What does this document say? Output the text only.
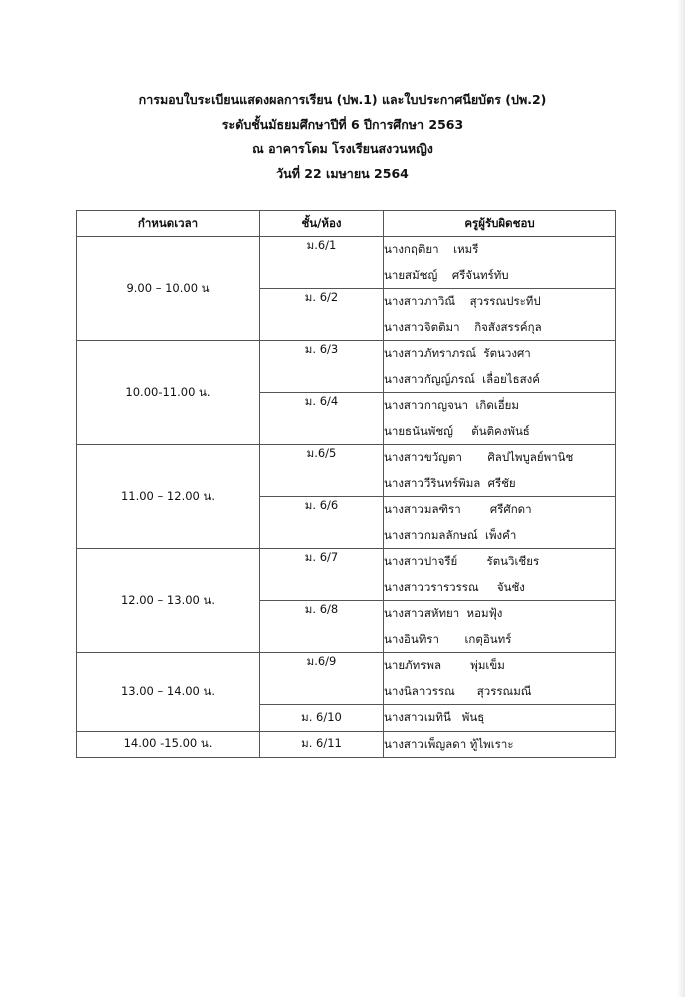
การมอบใบระเบียนแสดงผลการเรียน (ปพ.1) และใบประกาศนียบัตร (ปพ.2)
ระดับชั้นมัธยมศึกษาปีที่ 6 ปีการศึกษา 2563
ณ อาคารโดม โรงเรียนสงวนหญิง
วันที่ 22 เมษายน 2564
กำหนดเวลา	ชั้น/ห้อง	ครูผู้รับผิดชอบ
9.00 – 10.00 น	ม.6/1	นางกฤติยา    เหมรี
นายสมัชญ์    ศรีจันทร์ทับ

	ม. 6/2	นางสาวภาวิณี    สุวรรณประทีป
นางสาวจิตติมา    กิจสังสรรค์กุล

10.00-11.00 น.	ม. 6/3	นางสาวภัทราภรณ์  รัตนวงศา
นางสาวกัญญ์ภรณ์  เลื่อยไธสงค์

	ม. 6/4	นางสาวกาญจนา  เกิดเอี่ยม
นายธนันพัชญ์     ต้นติคงพันธ์

11.00 – 12.00 น.	ม.6/5	นางสาวขวัญตา       ศิลปไพบูลย์พานิช
นางสาววีรินทร์พิมล  ศรีชัย

	ม. 6/6	นางสาวมลฑิรา        ศรีศักดา
นางสาวกมลลักษณ์  เพ็งคำ

12.00 – 13.00 น.	ม. 6/7	นางสาวปาจรีย์        รัตนวิเชียร
นางสาววรารวรรณ     จันชัง

	ม. 6/8	นางสาวสหัทยา  หอมฟุ้ง
นางอินทิรา       เกตุอินทร์

13.00 – 14.00 น.	ม.6/9	นายภัทรพล        พุ่มเข็ม
นางนิลาวรรณ      สุวรรณมณี

	ม. 6/10	นางสาวเมทินี   พันธุ

14.00 -15.00 น.	ม. 6/11	นางสาวเพ็ญลดา ทู้ไพเราะ
